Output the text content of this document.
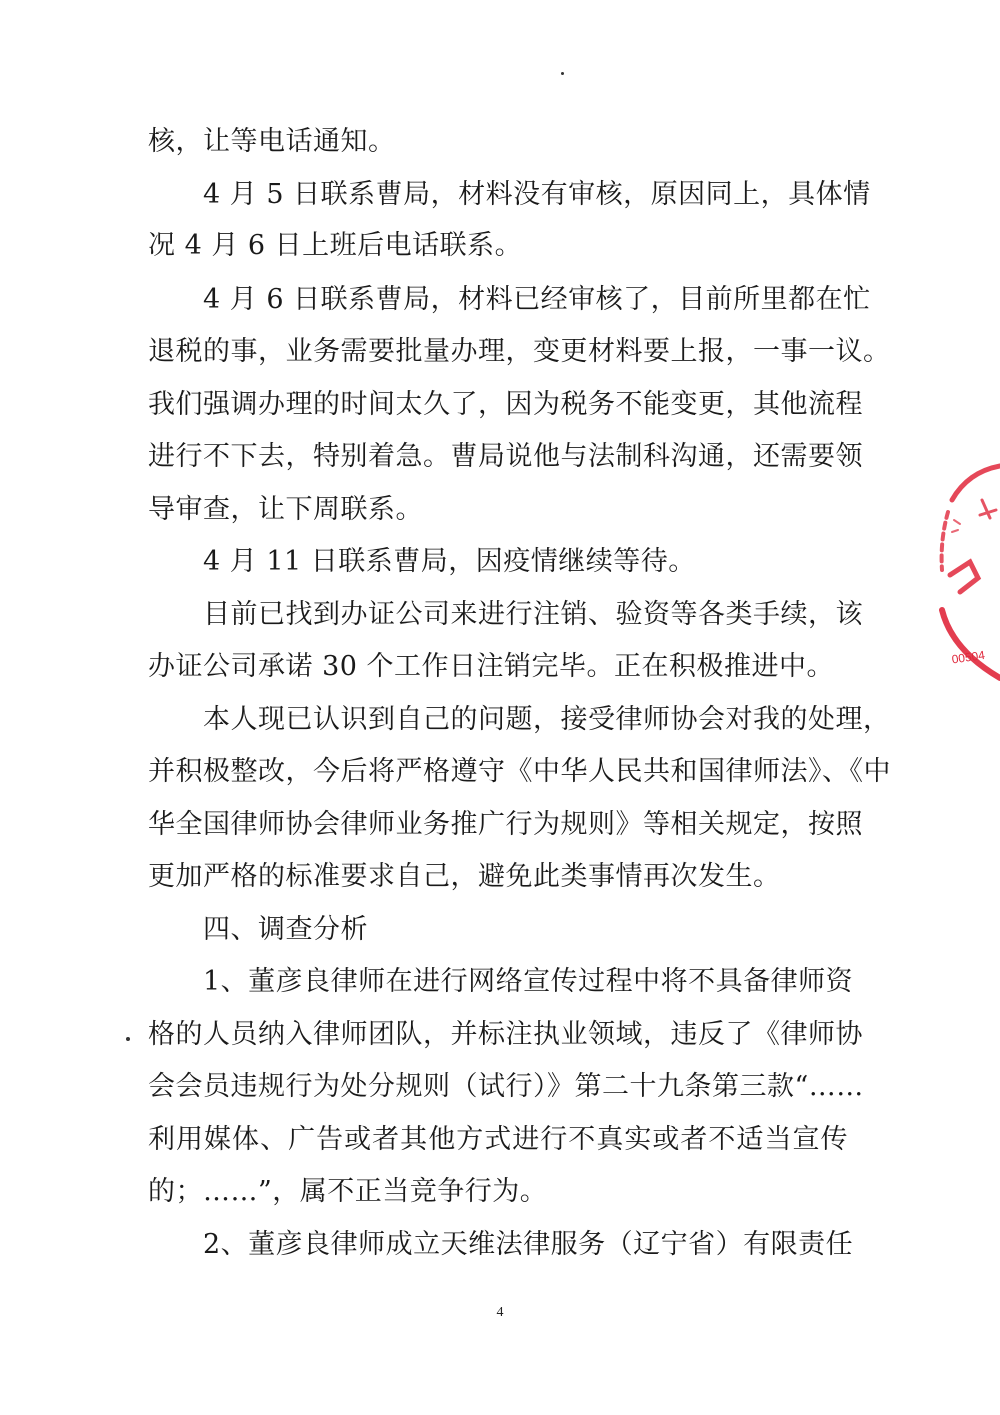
核，让等电话通知。
4 月 5 日联系曹局，材料没有审核，原因同上，具体情
况 4 月 6 日上班后电话联系。
4 月 6 日联系曹局，材料已经审核了，目前所里都在忙
退税的事，业务需要批量办理，变更材料要上报，一事一议。
我们强调办理的时间太久了，因为税务不能变更，其他流程
进行不下去，特别着急。曹局说他与法制科沟通，还需要领
导审查，让下周联系。
4 月 11 日联系曹局，因疫情继续等待。
目前已找到办证公司来进行注销、验资等各类手续，该
办证公司承诺 30 个工作日注销完毕。正在积极推进中。
本人现已认识到自己的问题，接受律师协会对我的处理，
并积极整改，今后将严格遵守《中华人民共和国律师法》、《中
华全国律师协会律师业务推广行为规则》等相关规定，按照
更加严格的标准要求自己，避免此类事情再次发生。
四、调查分析
1、董彦良律师在进行网络宣传过程中将不具备律师资
格的人员纳入律师团队，并标注执业领域，违反了《律师协
会会员违规行为处分规则（试行）》第二十九条第三款“……
利用媒体、广告或者其他方式进行不真实或者不适当宣传
的；……”，属不正当竞争行为。
2、董彦良律师成立天维法律服务（辽宁省）有限责任
4
00504
